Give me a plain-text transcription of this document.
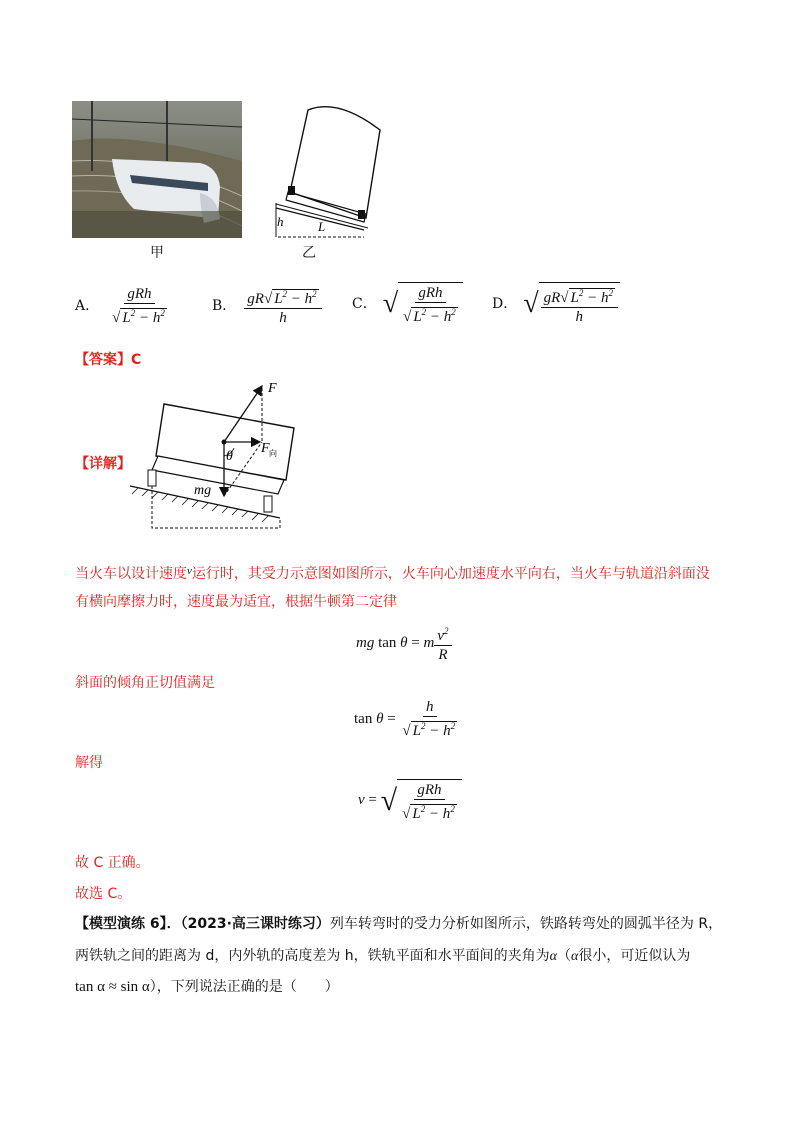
甲
h	L
乙
A． $\frac{\text{gRh}}{√ L^2 - h^2}$	B． $\frac{gR√ L^2 - h^2}{h}$ C． √ $\frac{\text{gRh}}{√ L^2 - h^2}$ D． √ $\frac{gR√ L^2 - h^2}{h}$
【答案】C
F
θ
F 向
mg
【详解】
当火车以设计速度$^v$运行时，其受力示意图如图所示，火车向心加速度水平向右，当火车与轨道沿斜面没
有横向摩擦力时，速度最为适宜，根据牛顿第二定律
mg tan θ = m $\frac{v^2}{R}$
斜面的倾角正切值满足
$\tan \theta = \frac{h}{√ L^2 - h^2}$
解得
v = √ $\frac{\text{gRh}}{√ L^2 - h^2}$
故 C 正确。
故选 C。
【模型演练 6】．（2023·高三课时练习）列车转弯时的受力分析如图所示，铁路转弯处的圆弧半径为 R，
两铁轨之间的距离为 d，内外轨的高度差为 h，铁轨平面和水平面间的夹角为α（α很小，可近似认为
tan α ≈ sin α），下列说法正确的是（　　）
